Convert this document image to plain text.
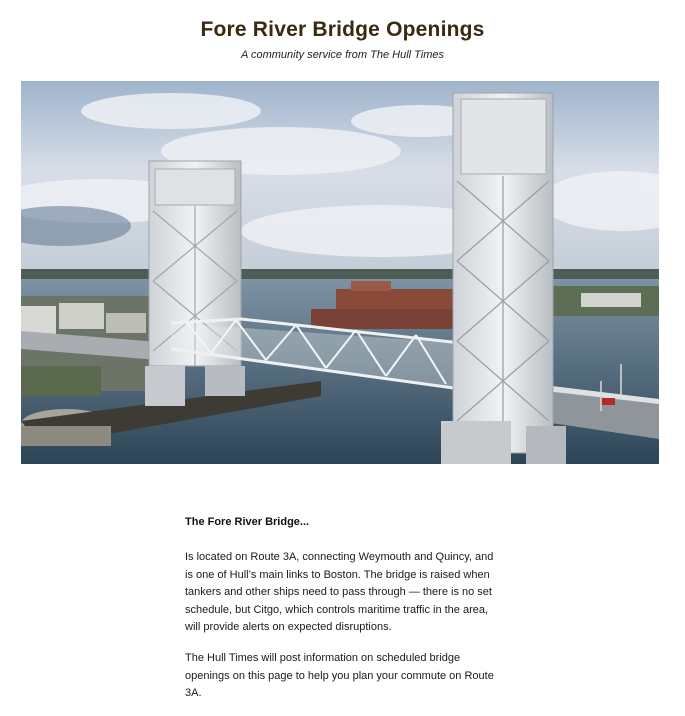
Fore River Bridge Openings
A community service from The Hull Times

The Fore River Bridge...

Is located on Route 3A, connecting Weymouth and Quincy, and is one of Hull’s main links to Boston. The bridge is raised when tankers and other ships need to pass through — there is no set schedule, but Citgo, which controls maritime traffic in the area, will provide alerts on expected disruptions.

The Hull Times will post information on scheduled bridge openings on this page to help you plan your commute on Route 3A.
